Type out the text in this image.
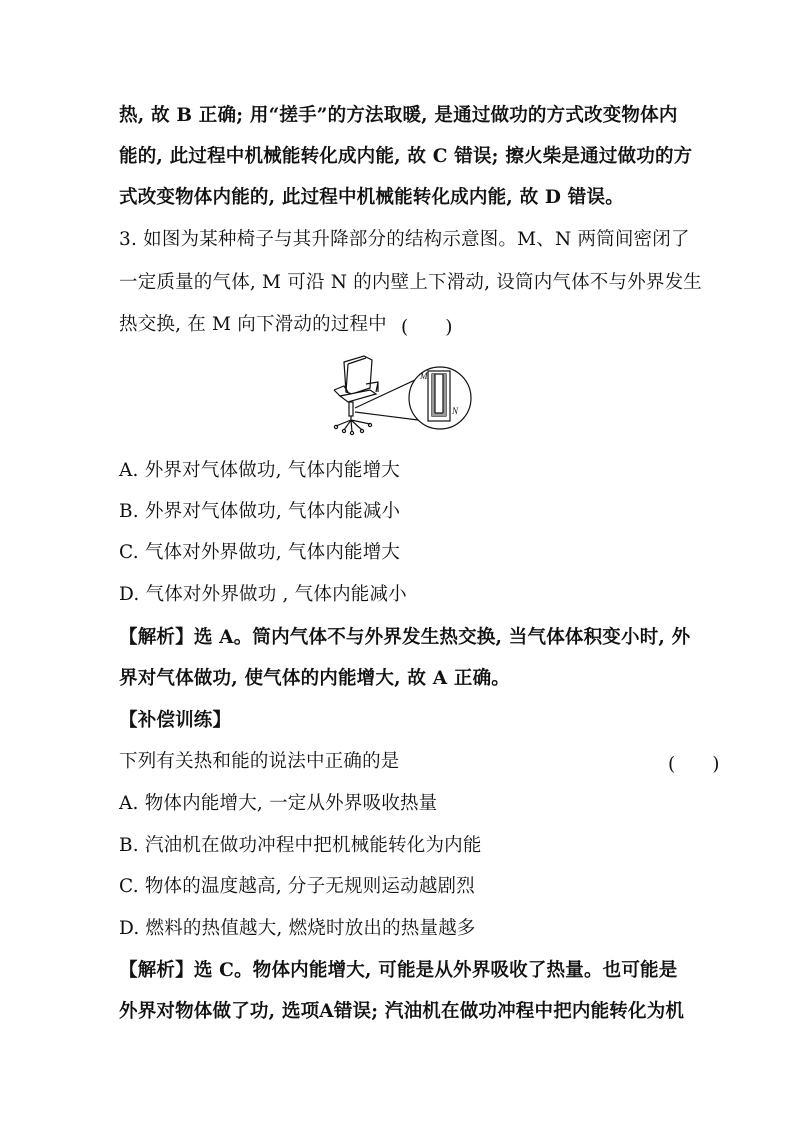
热, 故 B 正确; 用“搓手”的方法取暖, 是通过做功的方式改变物体内
能的, 此过程中机械能转化成内能, 故 C 错误; 擦火柴是通过做功的方
式改变物体内能的, 此过程中机械能转化成内能, 故 D 错误。
3. 如图为某种椅子与其升降部分的结构示意图。M、N 两筒间密闭了
一定质量的气体, M 可沿 N 的内壁上下滑动, 设筒内气体不与外界发生
热交换, 在 M 向下滑动的过程中 (　　)
M
N
A. 外界对气体做功, 气体内能增大
B. 外界对气体做功, 气体内能减小
C. 气体对外界做功, 气体内能增大
D. 气体对外界做功 , 气体内能减小
【解析】选 A。筒内气体不与外界发生热交换, 当气体体积变小时, 外
界对气体做功, 使气体的内能增大, 故 A 正确。
【补偿训练】
下列有关热和能的说法中正确的是	(　　)
A. 物体内能增大, 一定从外界吸收热量
B. 汽油机在做功冲程中把机械能转化为内能
C. 物体的温度越高, 分子无规则运动越剧烈
D. 燃料的热值越大, 燃烧时放出的热量越多
【解析】选 C。物体内能增大, 可能是从外界吸收了热量。也可能是
外界对物体做了功, 选项A错误; 汽油机在做功冲程中把内能转化为机
